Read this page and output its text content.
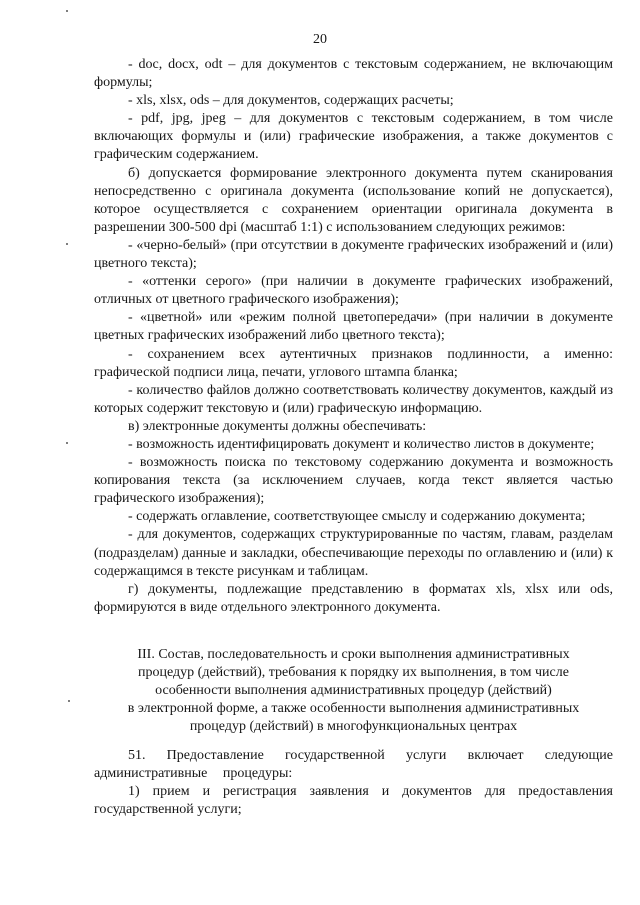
20

- doc, docx, odt – для документов с текстовым содержанием, не включающим формулы;

- xls, xlsx, ods – для документов, содержащих расчеты;

- pdf, jpg, jpeg – для документов с текстовым содержанием, в том числе включающих формулы и (или) графические изображения, а также документов с графическим содержанием.

б) допускается формирование электронного документа путем сканирования непосредственно с оригинала документа (использование копий не допускается), которое осуществляется с сохранением ориентации оригинала документа в разрешении 300-500 dpi (масштаб 1:1) с использованием следующих режимов:

- «черно-белый» (при отсутствии в документе графических изображений и (или) цветного текста);

- «оттенки серого» (при наличии в документе графических изображений, отличных от цветного графического изображения);

- «цветной» или «режим полной цветопередачи» (при наличии в документе цветных графических изображений либо цветного текста);

- сохранением всех аутентичных признаков подлинности, а именно: графической подписи лица, печати, углового штампа бланка;

- количество файлов должно соответствовать количеству документов, каждый из которых содержит текстовую и (или) графическую информацию.

в) электронные документы должны обеспечивать:

- возможность идентифицировать документ и количество листов в документе;

- возможность поиска по текстовому содержанию документа и возможность копирования текста (за исключением случаев, когда текст является частью графического изображения);

- содержать оглавление, соответствующее смыслу и содержанию документа;

- для документов, содержащих структурированные по частям, главам, разделам (подразделам) данные и закладки, обеспечивающие переходы по оглавлению и (или) к содержащимся в тексте рисункам и таблицам.

г) документы, подлежащие представлению в форматах xls, xlsx или ods, формируются в виде отдельного электронного документа.

III. Состав, последовательность и сроки выполнения административных
процедур (действий), требования к порядку их выполнения, в том числе
особенности выполнения административных процедур (действий)
в электронной форме, а также особенности выполнения административных
процедур (действий) в многофункциональных центрах

51. Предоставление государственной услуги включает следующие административные процедуры:

1) прием и регистрация заявления и документов для предоставления государственной услуги;
